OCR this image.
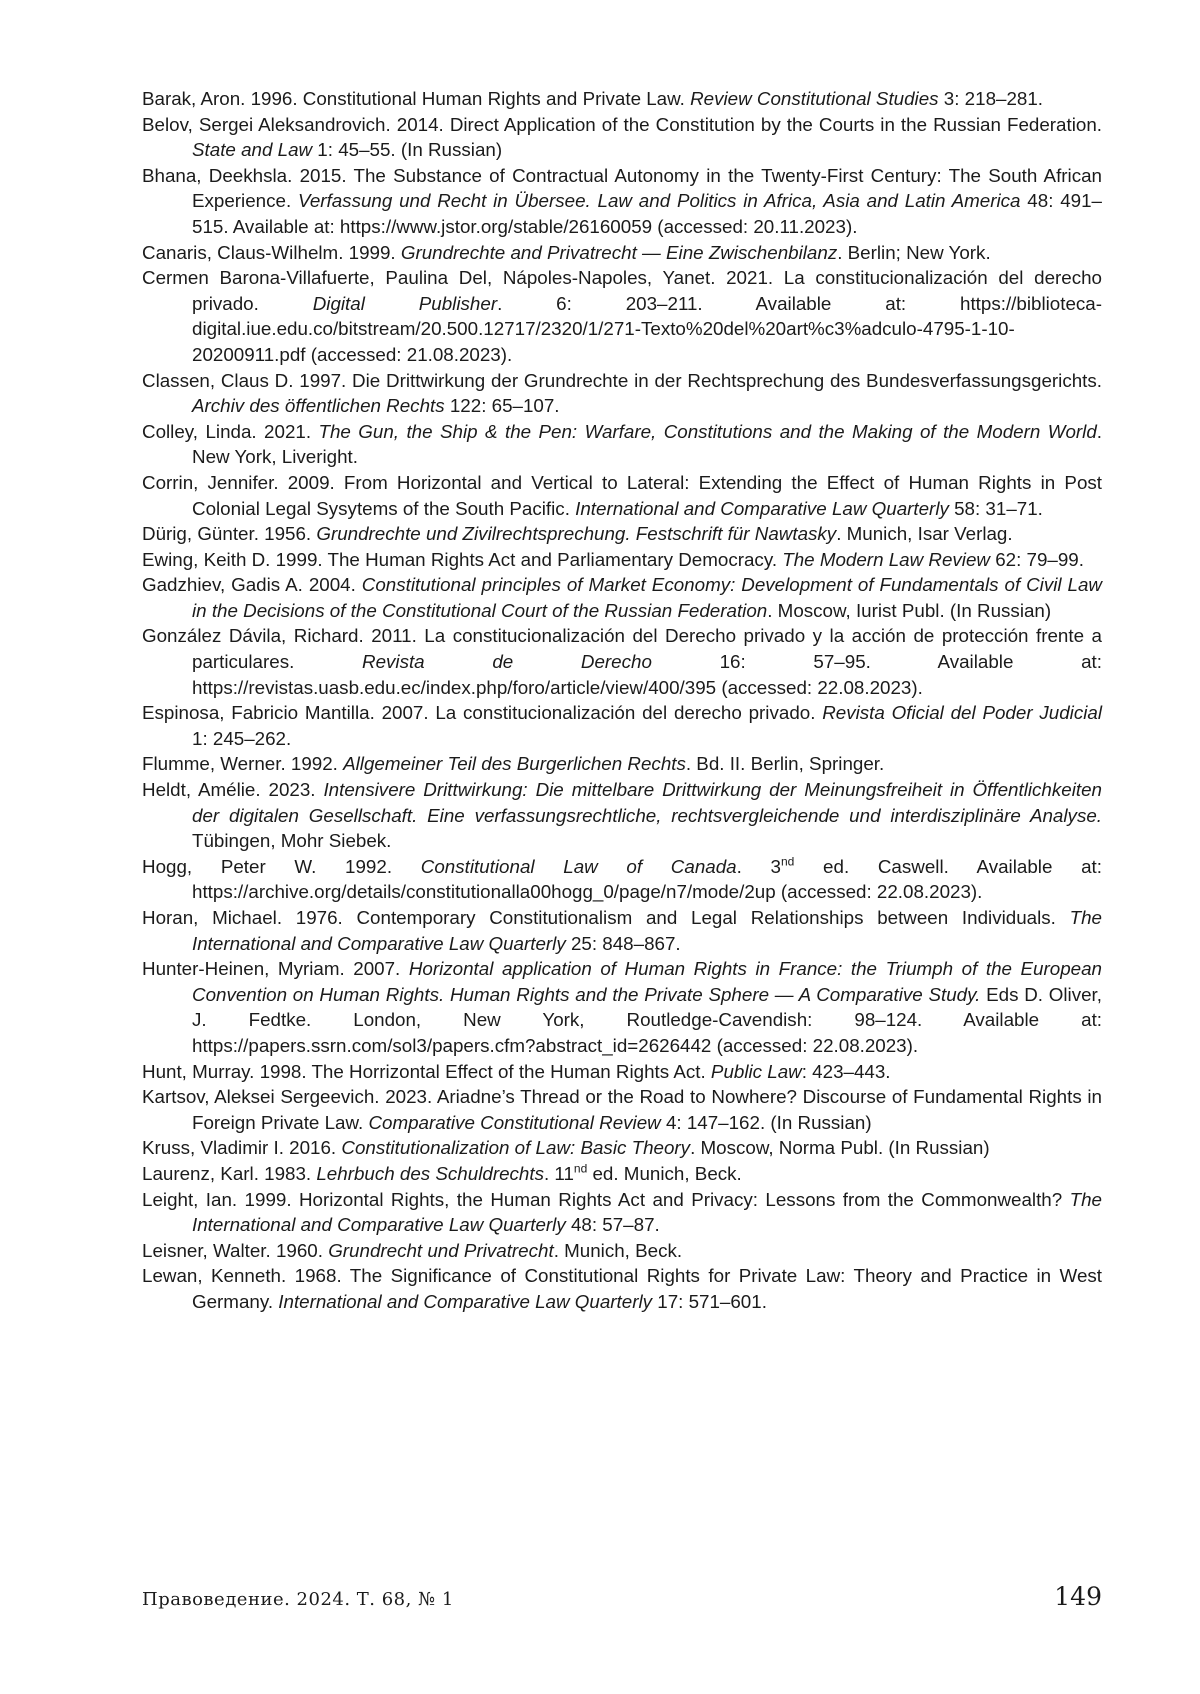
Barak, Aron. 1996. Constitutional Human Rights and Private Law. Review Constitutional Studies 3: 218–281.

Belov, Sergei Aleksandrovich. 2014. Direct Application of the Constitution by the Courts in the Russian Federation. State and Law 1: 45–55. (In Russian)

Bhana, Deekhsla. 2015. The Substance of Contractual Autonomy in the Twenty-First Century: The South African Experience. Verfassung und Recht in Übersee. Law and Politics in Africa, Asia and Latin America 48: 491–515. Available at: https://www.jstor.org/stable/26160059 (accessed: 20.11.2023).

Canaris, Claus-Wilhelm. 1999. Grundrechte and Privatrecht — Eine Zwischenbilanz. Berlin; New York.

Cermen Barona-Villafuerte, Paulina Del, Nápoles-Napoles, Yanet. 2021. La constitucionalización del derecho privado. Digital Publisher. 6: 203–211. Available at: https://biblioteca-digital.iue.edu.co/bitstream/20.500.12717/2320/1/271-Texto%20del%20art%c3%adculo-4795-1-10-20200911.pdf (accessed: 21.08.2023).

Classen, Claus D. 1997. Die Drittwirkung der Grundrechte in der Rechtsprechung des Bundesverfassungsgerichts. Archiv des öffentlichen Rechts 122: 65–107.

Colley, Linda. 2021. The Gun, the Ship & the Pen: Warfare, Constitutions and the Making of the Modern World. New York, Liveright.

Corrin, Jennifer. 2009. From Horizontal and Vertical to Lateral: Extending the Effect of Human Rights in Post Colonial Legal Sysytems of the South Pacific. International and Comparative Law Quarterly 58: 31–71.

Dürig, Günter. 1956. Grundrechte und Zivilrechtsprechung. Festschrift für Nawtasky. Munich, Isar Verlag.

Ewing, Keith D. 1999. The Human Rights Act and Parliamentary Democracy. The Modern Law Review 62: 79–99.

Gadzhiev, Gadis A. 2004. Constitutional principles of Market Economy: Development of Fundamentals of Civil Law in the Decisions of the Constitutional Court of the Russian Federation. Moscow, Iurist Publ. (In Russian)

González Dávila, Richard. 2011. La constitucionalización del Derecho privado y la acción de protección frente a particulares. Revista de Derecho 16: 57–95. Available at: https://revistas.uasb.edu.ec/index.php/foro/article/view/400/395 (accessed: 22.08.2023).

Espinosa, Fabricio Mantilla. 2007. La constitucionalización del derecho privado. Revista Oficial del Poder Judicial 1: 245–262.

Flumme, Werner. 1992. Allgemeiner Teil des Burgerlichen Rechts. Bd. II. Berlin, Springer.

Heldt, Amélie. 2023. Intensivere Drittwirkung: Die mittelbare Drittwirkung der Meinungsfreiheit in Öffentlichkeiten der digitalen Gesellschaft. Eine verfassungsrechtliche, rechtsvergleichende und interdisziplinäre Analyse. Tübingen, Mohr Siebek.

Hogg, Peter W. 1992. Constitutional Law of Canada. 3nd ed. Caswell. Available at: https://archive.org/details/constitutionalla00hogg_0/page/n7/mode/2up (accessed: 22.08.2023).

Horan, Michael. 1976. Contemporary Constitutionalism and Legal Relationships between Individuals. The International and Comparative Law Quarterly 25: 848–867.

Hunter-Heinen, Myriam. 2007. Horizontal application of Human Rights in France: the Triumph of the European Convention on Human Rights. Human Rights and the Private Sphere — A Comparative Study. Eds D. Oliver, J. Fedtke. London, New York, Routledge-Cavendish: 98–124. Available at: https://papers.ssrn.com/sol3/papers.cfm?abstract_id=2626442 (accessed: 22.08.2023).

Hunt, Murray. 1998. The Horrizontal Effect of the Human Rights Act. Public Law: 423–443.

Kartsov, Aleksei Sergeevich. 2023. Ariadne’s Thread or the Road to Nowhere? Discourse of Fundamental Rights in Foreign Private Law. Comparative Constitutional Review 4: 147–162. (In Russian)

Kruss, Vladimir I. 2016. Constitutionalization of Law: Basic Theory. Moscow, Norma Publ. (In Russian)

Laurenz, Karl. 1983. Lehrbuch des Schuldrechts. 11nd ed. Munich, Beck.

Leight, Ian. 1999. Horizontal Rights, the Human Rights Act and Privacy: Lessons from the Commonwealth? The International and Comparative Law Quarterly 48: 57–87.

Leisner, Walter. 1960. Grundrecht und Privatrecht. Munich, Beck.

Lewan, Kenneth. 1968. The Significance of Constitutional Rights for Private Law: Theory and Practice in West Germany. International and Comparative Law Quarterly 17: 571–601.

Правоведение. 2024. Т. 68, № 1	149
